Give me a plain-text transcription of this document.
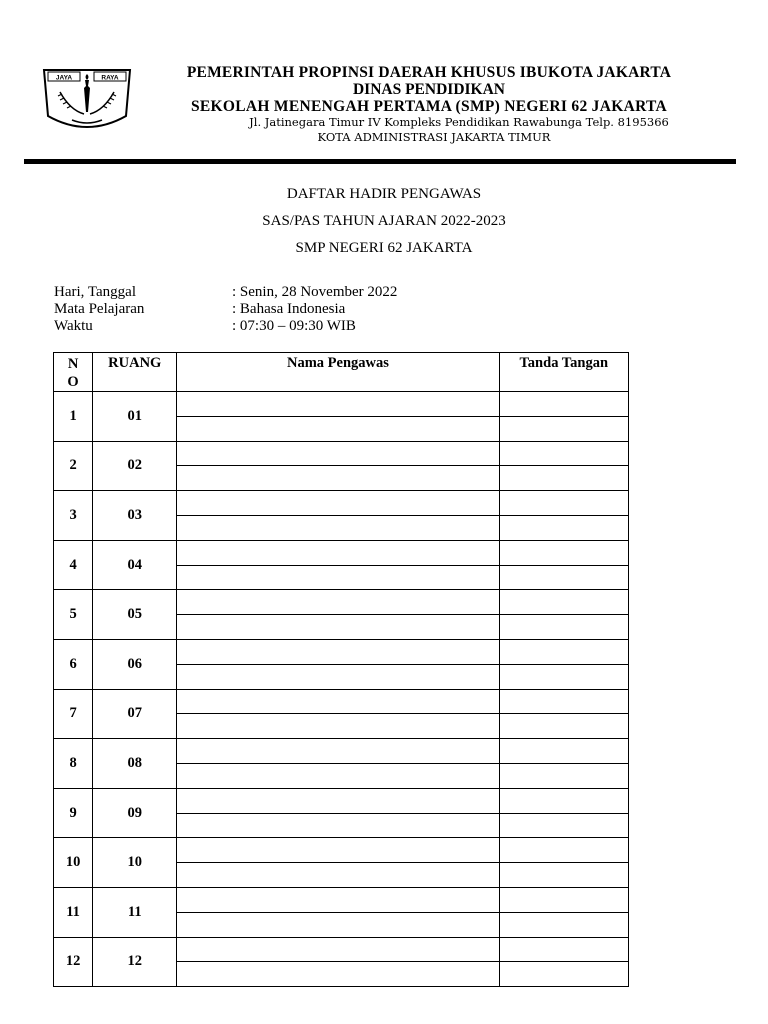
JAYA	RAYA	PEMERINTAH PROPINSI DAERAH KHUSUS IBUKOTA JAKARTA
DINAS PENDIDIKAN
SEKOLAH MENENGAH PERTAMA (SMP) NEGERI 62 JAKARTA
Jl. Jatinegara Timur IV Kompleks Pendidikan Rawabunga Telp. 8195366
KOTA ADMINISTRASI JAKARTA TIMUR
DAFTAR HADIR PENGAWAS
SAS/PAS TAHUN AJARAN 2022-2023
SMP NEGERI 62 JAKARTA
Hari, Tanggal	: Senin, 28 November 2022
Mata Pelajaran	: Bahasa Indonesia
Waktu	: 07:30 – 09:30 WIB
N
O	RUANG	Nama Pengawas	Tanda Tangan
1	01		

2	02		

3	03		

4	04		

5	05		

6	06		

7	07		

8	08		

9	09		

10	10		

11	11		

12	12		
